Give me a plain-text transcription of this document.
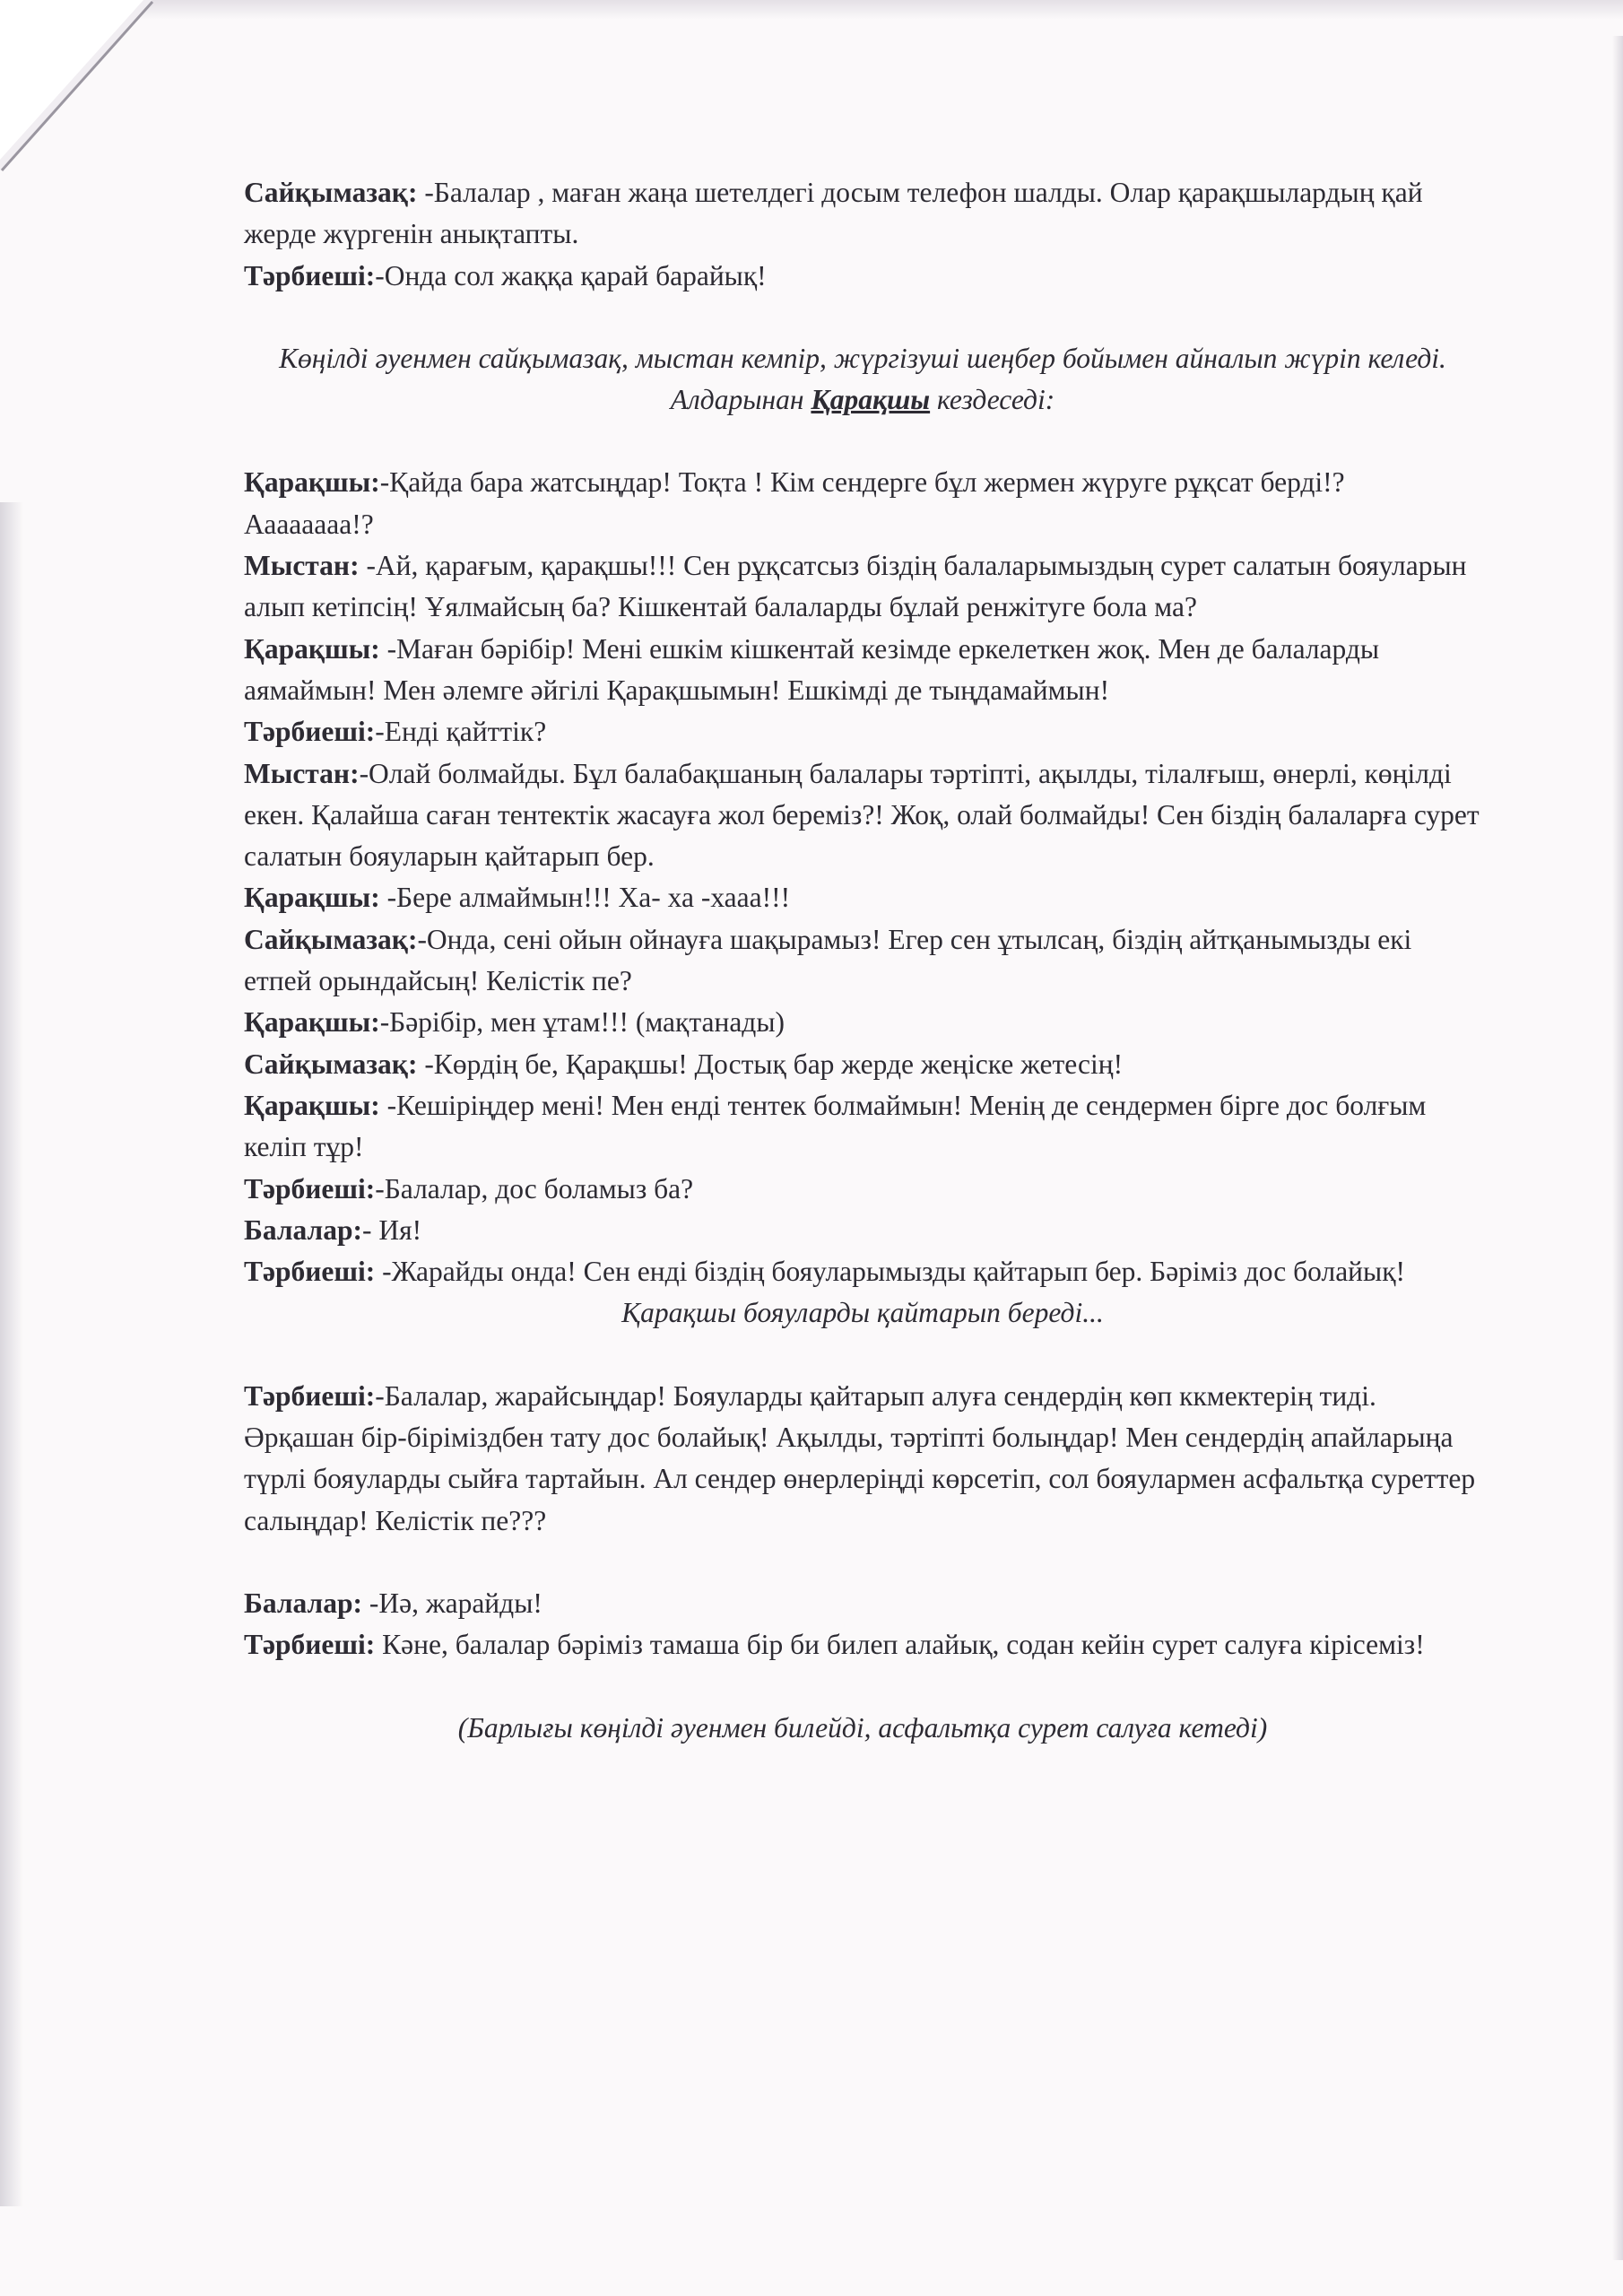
Сайқымазақ: -Балалар , маған жаңа шетелдегі досым телефон шалды. Олар қарақшылардың қай жерде жүргенін анықтапты.

Тәрбиеші:-Онда сол жаққа қарай барайық!

Көңілді әуенмен сайқымазақ, мыстан кемпір, жүргізуші шеңбер бойымен айналып жүріп келеді. Алдарынан Қарақшы кездеседі:

Қарақшы:-Қайда бара жатсыңдар! Тоқта ! Кім сендерге бұл жермен жүруге рұқсат берді!? Аааааааа!?

Мыстан: -Ай, қарағым, қарақшы!!! Сен рұқсатсыз біздің балаларымыздың сурет салатын бояуларын алып кетіпсің! Ұялмайсың ба? Кішкентай балаларды бұлай ренжітуге бола ма?

Қарақшы: -Маған бәрібір! Мені ешкім кішкентай кезімде еркелеткен жоқ. Мен де балаларды аямаймын! Мен әлемге әйгілі Қарақшымын! Ешкімді де тыңдамаймын!

Тәрбиеші:-Енді қайттік?

Мыстан:-Олай болмайды. Бұл балабақшаның балалары тәртіпті, ақылды, тілалғыш, өнерлі, көңілді екен. Қалайша саған тентектік жасауға жол береміз?! Жоқ, олай болмайды! Сен біздің балаларға сурет салатын бояуларын қайтарып бер.

Қарақшы: -Бере алмаймын!!! Ха- ха -хааа!!!

Сайқымазақ:-Онда, сені ойын ойнауға шақырамыз! Егер сен ұтылсаң, біздің айтқанымызды екі етпей орындайсың! Келістік пе?

Қарақшы:-Бәрібір, мен ұтам!!! (мақтанады)

Сайқымазақ: -Көрдің бе, Қарақшы! Достық бар жерде жеңіске жетесің!

Қарақшы: -Кешіріңдер мені! Мен енді тентек болмаймын! Менің де сендермен бірге дос болғым келіп тұр!

Тәрбиеші:-Балалар, дос боламыз ба?

Балалар:- Ия!

Тәрбиеші: -Жарайды онда! Сен енді біздің бояуларымызды қайтарып бер. Бәріміз дос болайық!

Қарақшы бояуларды қайтарып береді...

Тәрбиеші:-Балалар, жарайсыңдар! Бояуларды қайтарып алуға сендердің көп ккмектерің тиді. Әрқашан бір-біріміздбен тату дос болайық! Ақылды, тәртіпті болыңдар! Мен сендердің апайларыңа түрлі бояуларды сыйға тартайын. Ал сендер өнерлеріңді көрсетіп, сол бояулармен асфальтқа суреттер салыңдар! Келістік пе???

Балалар: -Иә, жарайды!

Тәрбиеші: Кәне, балалар бәріміз тамаша бір би билеп алайық, содан кейін сурет салуға кірісеміз!

(Барлығы көңілді әуенмен билейді, асфальтқа сурет салуға кетеді)
